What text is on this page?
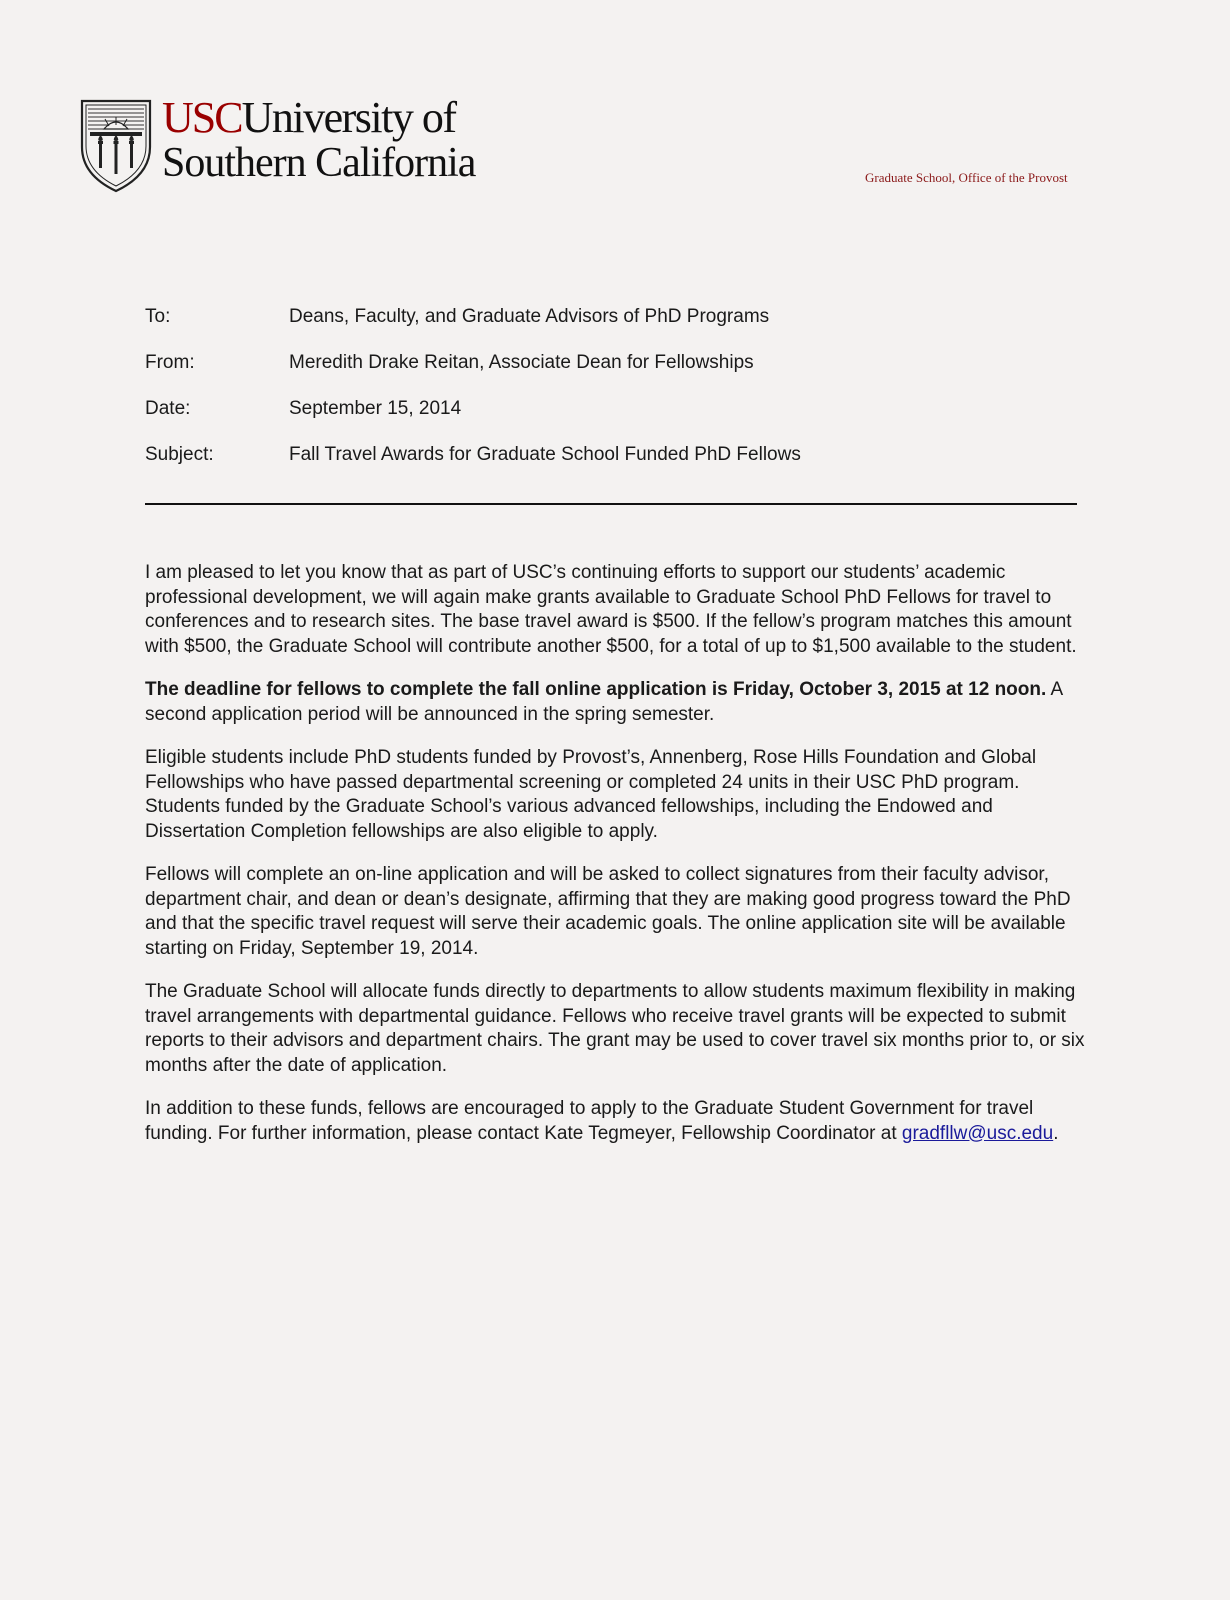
USCUniversity of
Southern California	Graduate School, Office of the Provost
To:	Deans, Faculty, and Graduate Advisors of PhD Programs
From:	Meredith Drake Reitan, Associate Dean for Fellowships
Date:	September 15, 2014
Subject:	Fall Travel Awards for Graduate School Funded PhD Fellows

I am pleased to let you know that as part of USC’s continuing efforts to support our students’ academic professional development, we will again make grants available to Graduate School PhD Fellows for travel to conferences and to research sites. The base travel award is $500. If the fellow’s program matches this amount with $500, the Graduate School will contribute another $500, for a total of up to $1,500 available to the student.

The deadline for fellows to complete the fall online application is Friday, October 3, 2015 at 12 noon. A second application period will be announced in the spring semester.

Eligible students include PhD students funded by Provost’s, Annenberg, Rose Hills Foundation and Global Fellowships who have passed departmental screening or completed 24 units in their USC PhD program. Students funded by the Graduate School’s various advanced fellowships, including the Endowed and Dissertation Completion fellowships are also eligible to apply.

Fellows will complete an on-line application and will be asked to collect signatures from their faculty advisor, department chair, and dean or dean’s designate, affirming that they are making good progress toward the PhD and that the specific travel request will serve their academic goals. The online application site will be available starting on Friday, September 19, 2014.

The Graduate School will allocate funds directly to departments to allow students maximum flexibility in making travel arrangements with departmental guidance. Fellows who receive travel grants will be expected to submit reports to their advisors and department chairs. The grant may be used to cover travel six months prior to, or six months after the date of application.

In addition to these funds, fellows are encouraged to apply to the Graduate Student Government for travel funding. For further information, please contact Kate Tegmeyer, Fellowship Coordinator at gradfllw@usc.edu.
